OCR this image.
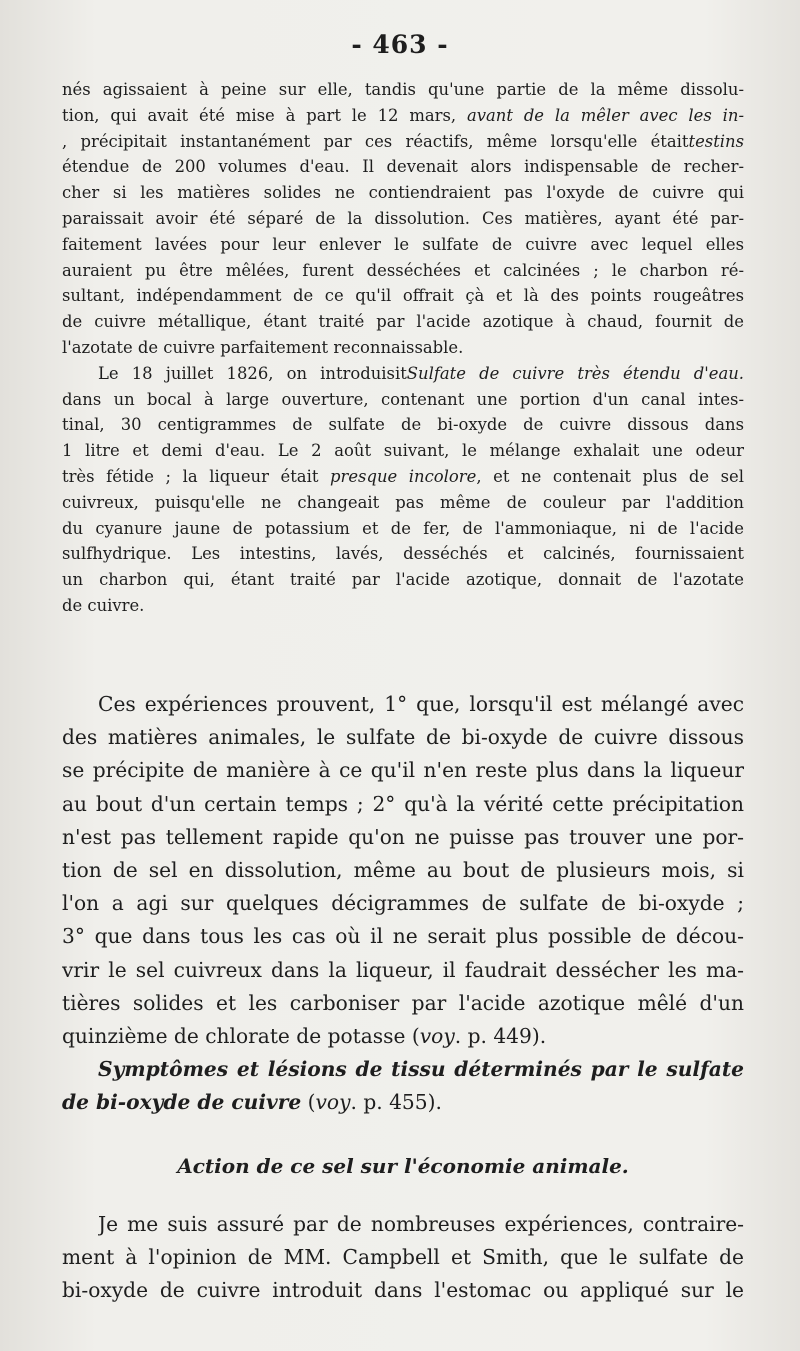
- 463 -
nés agissaient à peine sur elle, tandis qu'une partie de la même dissolu-
tion, qui avait été mise à part le 12 mars, avant de la mêler avec les in-
, précipitait instantanément par ces réactifs, même lorsqu'elle étaittestins
étendue de 200 volumes d'eau. Il devenait alors indispensable de recher-
cher si les matières solides ne contiendraient pas l'oxyde de cuivre qui
paraissait avoir été séparé de la dissolution. Ces matières, ayant été par-
faitement lavées pour leur enlever le sulfate de cuivre avec lequel elles
auraient pu être mêlées, furent desséchées et calcinées ; le charbon ré-
sultant, indépendamment de ce qu'il offrait çà et là des points rougeâtres
de cuivre métallique, étant traité par l'acide azotique à chaud, fournit de
l'azotate de cuivre parfaitement reconnaissable.
Le 18 juillet 1826, on introduisitSulfate de cuivre très étendu d'eau.
dans un bocal à large ouverture, contenant une portion d'un canal intes-
tinal, 30 centigrammes de sulfate de bi-oxyde de cuivre dissous dans
1 litre et demi d'eau. Le 2 août suivant, le mélange exhalait une odeur
très fétide ; la liqueur était presque incolore, et ne contenait plus de sel
cuivreux, puisqu'elle ne changeait pas même de couleur par l'addition
du cyanure jaune de potassium et de fer, de l'ammoniaque, ni de l'acide
sulfhydrique. Les intestins, lavés, desséchés et calcinés, fournissaient
un charbon qui, étant traité par l'acide azotique, donnait de l'azotate
de cuivre.
Ces expériences prouvent, 1° que, lorsqu'il est mélangé avec
des matières animales, le sulfate de bi-oxyde de cuivre dissous
se précipite de manière à ce qu'il n'en reste plus dans la liqueur
au bout d'un certain temps ; 2° qu'à la vérité cette précipitation
n'est pas tellement rapide qu'on ne puisse pas trouver une por-
tion de sel en dissolution, même au bout de plusieurs mois, si
l'on a agi sur quelques décigrammes de sulfate de bi-oxyde ;
3° que dans tous les cas où il ne serait plus possible de décou-
vrir le sel cuivreux dans la liqueur, il faudrait dessécher les ma-
tières solides et les carboniser par l'acide azotique mêlé d'un
quinzième de chlorate de potasse (voy. p. 449).
Symptômes et lésions de tissu déterminés par le sulfate
de bi-oxyde de cuivre (voy. p. 455).
Action de ce sel sur l'économie animale.
Je me suis assuré par de nombreuses expériences, contraire-
ment à l'opinion de MM. Campbell et Smith, que le sulfate de
bi-oxyde de cuivre introduit dans l'estomac ou appliqué sur le
